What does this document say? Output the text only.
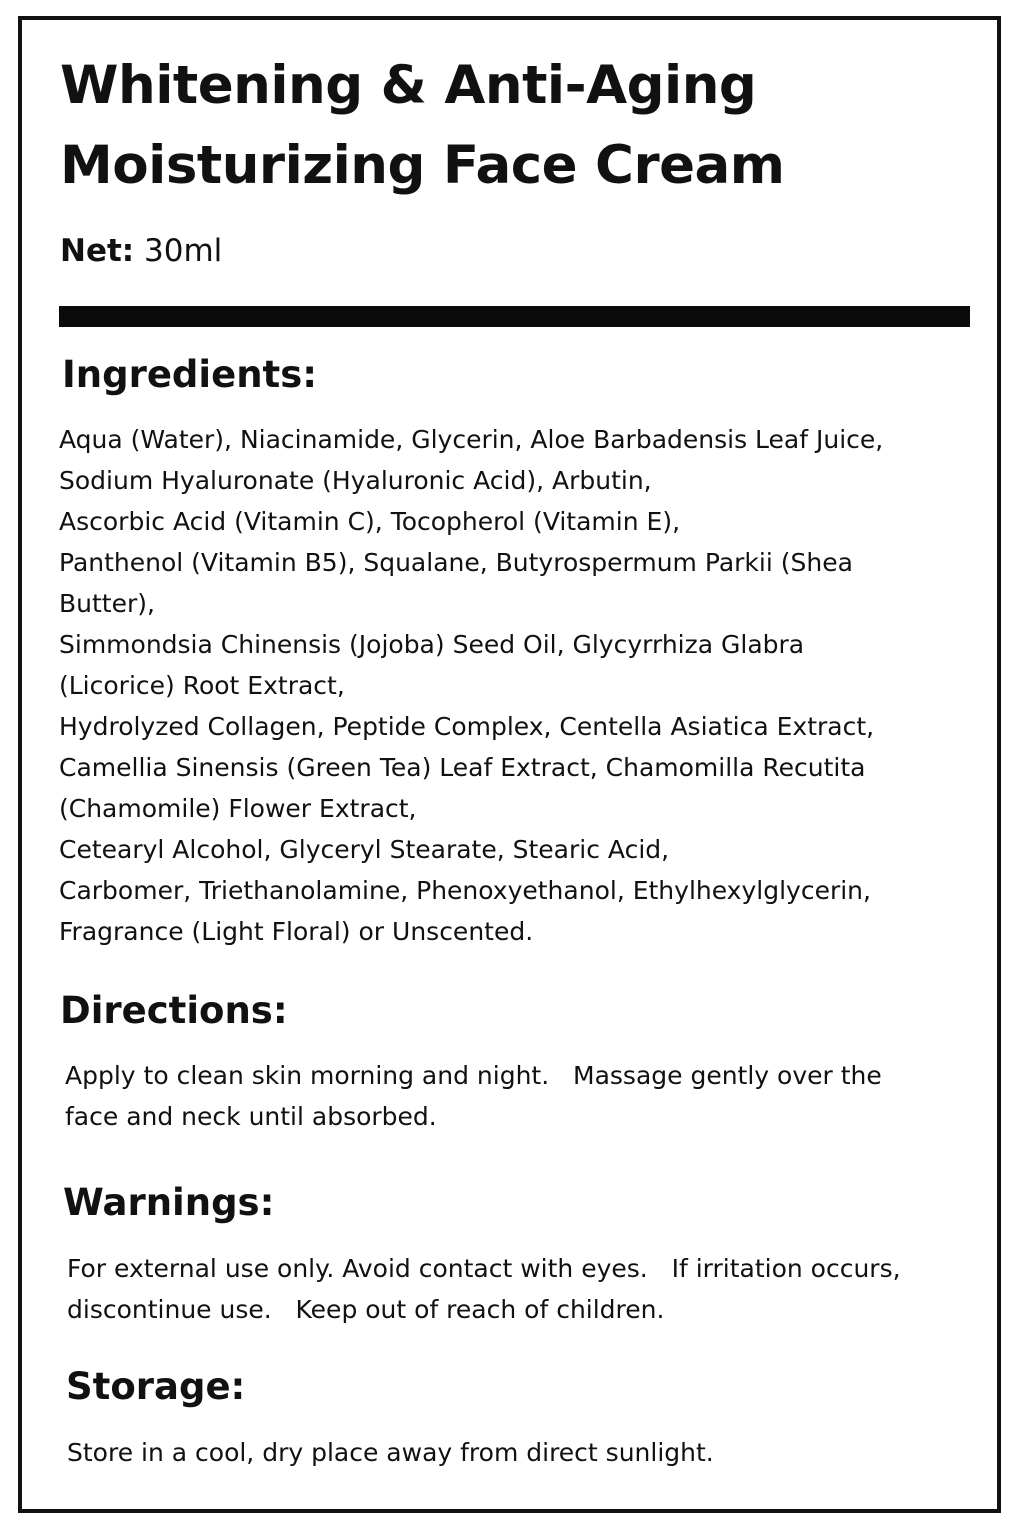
Whitening & Anti-Aging
Moisturizing Face Cream
Net: 30ml
Ingredients:
Aqua (Water), Niacinamide, Glycerin, Aloe Barbadensis Leaf Juice,
Sodium Hyaluronate (Hyaluronic Acid), Arbutin,
Ascorbic Acid (Vitamin C), Tocopherol (Vitamin E),
Panthenol (Vitamin B5), Squalane, Butyrospermum Parkii (Shea
Butter),
Simmondsia Chinensis (Jojoba) Seed Oil, Glycyrrhiza Glabra
(Licorice) Root Extract,
Hydrolyzed Collagen, Peptide Complex, Centella Asiatica Extract,
Camellia Sinensis (Green Tea) Leaf Extract, Chamomilla Recutita
(Chamomile) Flower Extract,
Cetearyl Alcohol, Glyceryl Stearate, Stearic Acid,
Carbomer, Triethanolamine, Phenoxyethanol, Ethylhexylglycerin,
Fragrance (Light Floral) or Unscented.
Directions:
Apply to clean skin morning and night.   Massage gently over the
face and neck until absorbed.
Warnings:
For external use only. Avoid contact with eyes.   If irritation occurs,
discontinue use.   Keep out of reach of children.
Storage:
Store in a cool, dry place away from direct sunlight.
